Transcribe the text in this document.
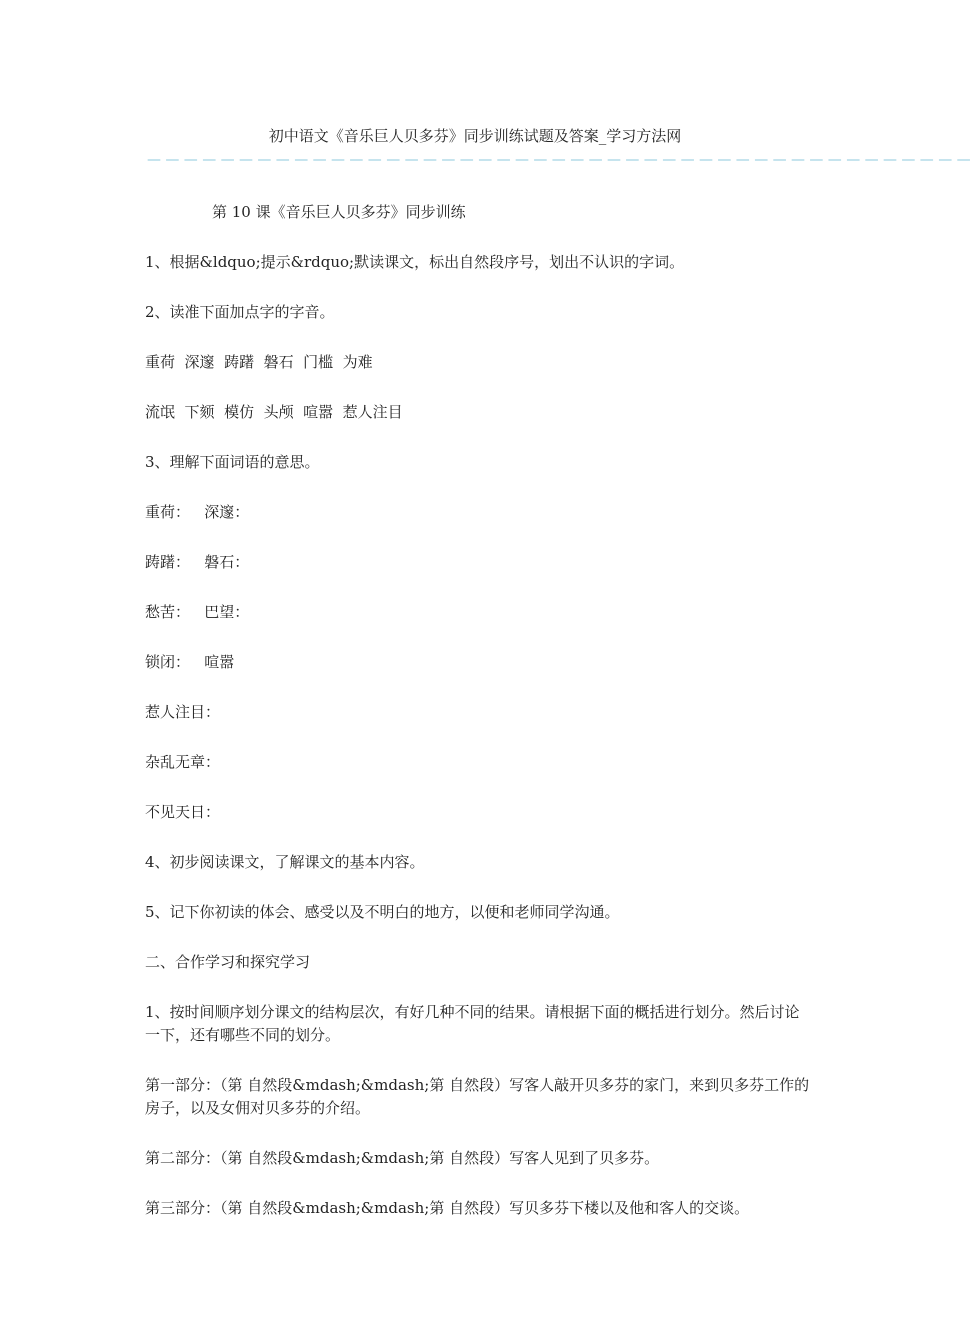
初中语文《音乐巨人贝多芬》同步训练试题及答案_学习方法网
—————————————————————————————————————————————

第 10 课《音乐巨人贝多芬》同步训练

1、根据&ldquo;提示&rdquo;默读课文，标出自然段序号，划出不认识的字词。

2、读准下面加点字的字音。

重荷  深邃  踌躇  磐石  门槛  为难

流氓  下颏  模仿  头颅  喧嚣  惹人注目

3、理解下面词语的意思。

重荷：   深邃：

踌躇：   磐石：

愁苦：   巴望：

锁闭：   喧嚣

惹人注目：

杂乱无章：

不见天日：

4、初步阅读课文，了解课文的基本内容。

5、记下你初读的体会、感受以及不明白的地方，以便和老师同学沟通。

二、合作学习和探究学习

1、按时间顺序划分课文的结构层次，有好几种不同的结果。请根据下面的概括进行划分。然后讨论一下，还有哪些不同的划分。

第一部分：（第 自然段&mdash;&mdash;第 自然段）写客人敲开贝多芬的家门，来到贝多芬工作的房子，以及女佣对贝多芬的介绍。

第二部分：（第 自然段&mdash;&mdash;第 自然段）写客人见到了贝多芬。

第三部分：（第 自然段&mdash;&mdash;第 自然段）写贝多芬下楼以及他和客人的交谈。
